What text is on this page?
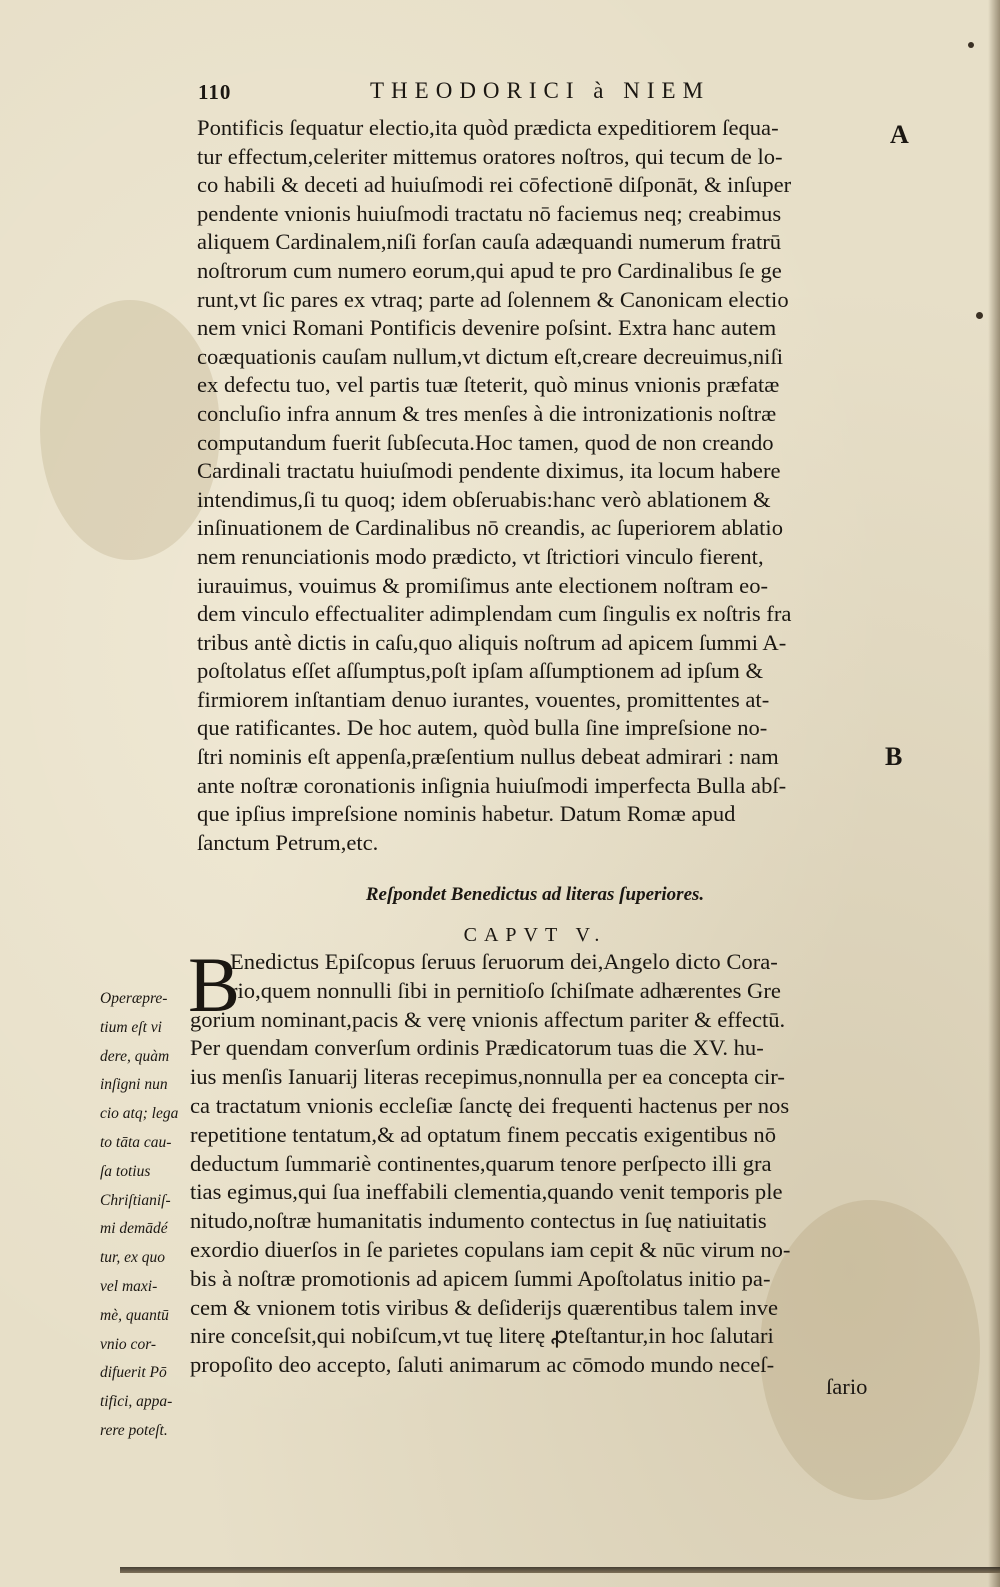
110	THEODORICI à NIEM
A
B
Pontificis ſequatur electio,ita quòd prædicta expeditiorem ſequa-
tur effectum,celeriter mittemus oratores noſtros, qui tecum de lo-
co habili & deceti ad huiuſmodi rei cōfectionē diſponāt, & inſuper
pendente vnionis huiuſmodi tractatu nō faciemus neq; creabimus
aliquem Cardinalem,niſi forſan cauſa adæquandi numerum fratrū
noſtrorum cum numero eorum,qui apud te pro Cardinalibus ſe ge
runt,vt ſic pares ex vtraq; parte ad ſolennem & Canonicam electio
nem vnici Romani Pontificis devenire poſsint. Extra hanc autem
coæquationis cauſam nullum,vt dictum eſt,creare decreuimus,niſi
ex defectu tuo, vel partis tuæ ſteterit, quò minus vnionis præfatæ
concluſio infra annum & tres menſes à die intronizationis noſtræ
computandum fuerit ſubſecuta.Hoc tamen, quod de non creando
Cardinali tractatu huiuſmodi pendente diximus, ita locum habere
intendimus,ſi tu quoq; idem obſeruabis:hanc verò ablationem &
inſinuationem de Cardinalibus nō creandis, ac ſuperiorem ablatio
nem renunciationis modo prædicto, vt ſtrictiori vinculo fierent,
iurauimus, vouimus & promiſimus ante electionem noſtram eo-
dem vinculo effectualiter adimplendam cum ſingulis ex noſtris fra
tribus antè dictis in caſu,quo aliquis noſtrum ad apicem ſummi A-
poſtolatus eſſet aſſumptus,poſt ipſam aſſumptionem ad ipſum &
firmiorem inſtantiam denuo iurantes, vouentes, promittentes at-
que ratificantes. De hoc autem, quòd bulla ſine impreſsione no-
ſtri nominis eſt appenſa,præſentium nullus debeat admirari : nam
ante noſtræ coronationis inſignia huiuſmodi imperfecta Bulla abſ-
que ipſius impreſsione nominis habetur. Datum Romæ apud
ſanctum Petrum,etc.
Reſpondet Benedictus ad literas ſuperiores.
CAPVT V.
B
Enedictus Epiſcopus ſeruus ſeruorum dei,Angelo dicto Cora-
rio,quem nonnulli ſibi in pernitioſo ſchiſmate adhærentes Gre
gorium nominant,pacis & verę vnionis affectum pariter & effectū.
Per quendam converſum ordinis Prædicatorum tuas die XV. hu-
ius menſis Ianuarij literas recepimus,nonnulla per ea concepta cir-
ca tractatum vnionis eccleſiæ ſanctę dei frequenti hactenus per nos
repetitione tentatum,& ad optatum finem peccatis exigentibus nō
deductum ſummariè continentes,quarum tenore perſpecto illi gra
tias egimus,qui ſua ineffabili clementia,quando venit temporis ple
nitudo,noſtræ humanitatis indumento contectus in ſuę natiuitatis
exordio diuerſos in ſe parietes copulans iam cepit & nūc virum no-
bis à noſtræ promotionis ad apicem ſummi Apoſtolatus initio pa-
cem & vnionem totis viribus & deſiderijs quærentibus talem inve
nire conceſsit,qui nobiſcum,vt tuę literę ꝓteſtantur,in hoc ſalutari
propoſito deo accepto, ſaluti animarum ac cōmodo mundo neceſ-
Operæpre-
tium eſt vi
dere, quàm
inſigni nun
cio atq; lega
to tāta cau-
ſa totius
Chriſtianiſ-
mi demādé
tur, ex quo
vel maxi-
mè, quantū
vnio cor-
difuerit Pō
tifici, appa-
rere poteſt.
ſario
